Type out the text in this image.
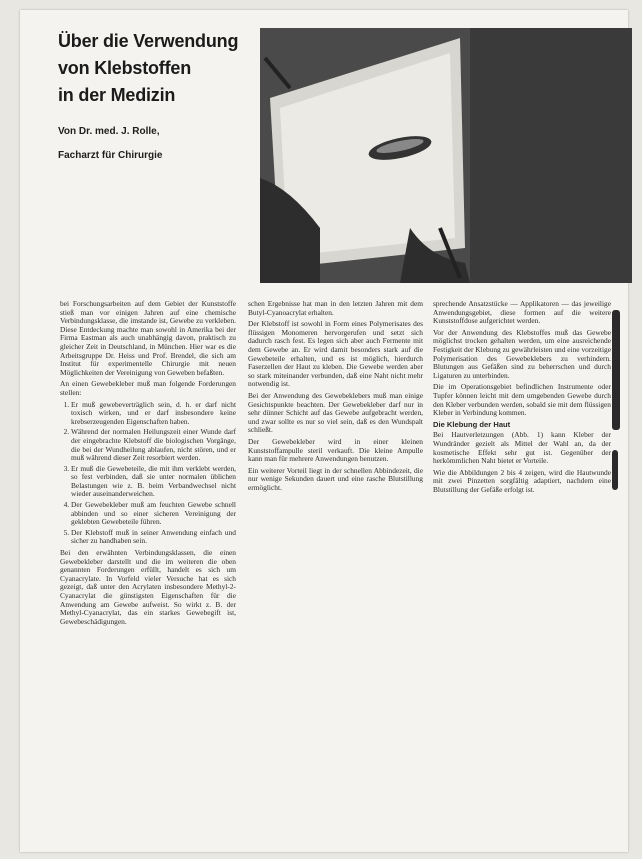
Über die Verwendung
von Klebstoffen
in der Medizin
Von Dr. med. J. Rolle,
Facharzt für Chirurgie

bei Forschungsarbeiten auf dem Gebiet der Kunststoffe stieß man vor einigen Jahren auf eine chemische Verbindungsklasse, die imstande ist, Gewebe zu verkleben. Diese Entdeckung machte man sowohl in Amerika bei der Firma Eastman als auch unabhängig davon, praktisch zu gleicher Zeit in Deutschland, in München. Hier war es die Arbeitsgruppe Dr. Heiss und Prof. Brendel, die sich am Institut für experimentelle Chirurgie mit neuen Möglichkeiten der Vereinigung von Geweben befaßten.

An einen Gewebekleber muß man folgende Forderungen stellen:

1. Er muß gewebeverträglich sein, d. h. er darf nicht toxisch wirken, und er darf insbesondere keine krebserzeugenden Eigenschaften haben.
2. Während der normalen Heilungszeit einer Wunde darf der eingebrachte Klebstoff die biologischen Vorgänge, die bei der Wundheilung ablaufen, nicht stören, und er muß während dieser Zeit resorbiert werden.
3. Er muß die Gewebeteile, die mit ihm verklebt werden, so fest verbinden, daß sie unter normalen üblichen Belastungen wie z. B. beim Verbandwechsel nicht wieder auseinanderweichen.
4. Der Gewebekleber muß am feuchten Gewebe schnell abbinden und so einer sicheren Vereinigung der geklebten Gewebeteile führen.
5. Der Klebstoff muß in seiner Anwendung einfach und sicher zu handhaben sein.

Bei den erwähnten Verbindungsklassen, die einen Gewebekleber darstellt und die im weiteren die oben genannten Forderungen erfüllt, handelt es sich um Cyanacrylate. In Vorfeld vieler Versuche hat es sich gezeigt, daß unter den Acrylaten insbesondere Methyl-2-Cyanacrylat die günstigsten Eigenschaften für die Anwendung am Gewebe aufweist. So wirkt z. B. der Methyl-Cyanacrylat, das ein starkes Gewebegift ist, Gewebeschädigungen.

schen Ergebnisse hat man in den letzten Jahren mit dem Butyl-Cyanoacrylat erhalten.

Der Klebstoff ist sowohl in Form eines Polymerisates des flüssigen Monomeren hervorgerufen und setzt sich dadurch rasch fest. Es legen sich aber auch Fermente mit dem Gewebe an. Er wird damit besonders stark auf die Gewebeteile erhalten, und es ist möglich, hierdurch Faserzellen der Haut zu kleben. Die Gewebe werden aber so stark miteinander verbunden, daß eine Naht nicht mehr notwendig ist.

Bei der Anwendung des Gewebeklebers muß man einige Gesichtspunkte beachten. Der Gewebekleber darf nur in sehr dünner Schicht auf das Gewebe aufgebracht werden, und zwar sollte es nur so viel sein, daß es den Wundspalt schließt.

Der Gewebekleber wird in einer kleinen Kunststoffampulle steril verkauft. Die kleine Ampulle kann man für mehrere Anwendungen benutzen.

Ein weiterer Vorteil liegt in der schnellen Abbindezeit, die nur wenige Sekunden dauert und eine rasche Blutstillung ermöglicht.

sprechende Ansatzstücke — Applikatoren — das jeweilige Anwendungsgebiet, diese formen auf die weitere Kunststoffdose aufgerichtet werden.

Vor der Anwendung des Klebstoffes muß das Gewebe möglichst trocken gehalten werden, um eine ausreichende Festigkeit der Klebung zu gewährleisten und eine vorzeitige Polymerisation des Gewebeklebers zu verhindern. Blutungen aus Gefäßen sind zu beherrschen und durch Ligaturen zu unterbinden.

Die im Operationsgebiet befindlichen Instrumente oder Tupfer können leicht mit dem umgebenden Gewebe durch den Kleber verbunden werden, sobald sie mit dem flüssigen Kleber in Verbindung kommen.

Die Klebung der Haut

Bei Hautverletzungen (Abb. 1) kann Kleber der Wundränder gezielt als Mittel der Wahl an, da der kosmetische Effekt sehr gut ist. Gegenüber der herkömmlichen Naht bietet er Vorteile.

Wie die Abbildungen 2 bis 4 zeigen, wird die Hautwunde mit zwei Pinzetten sorgfältig adaptiert, nachdem eine Blutstillung der Gefäße erfolgt ist.
